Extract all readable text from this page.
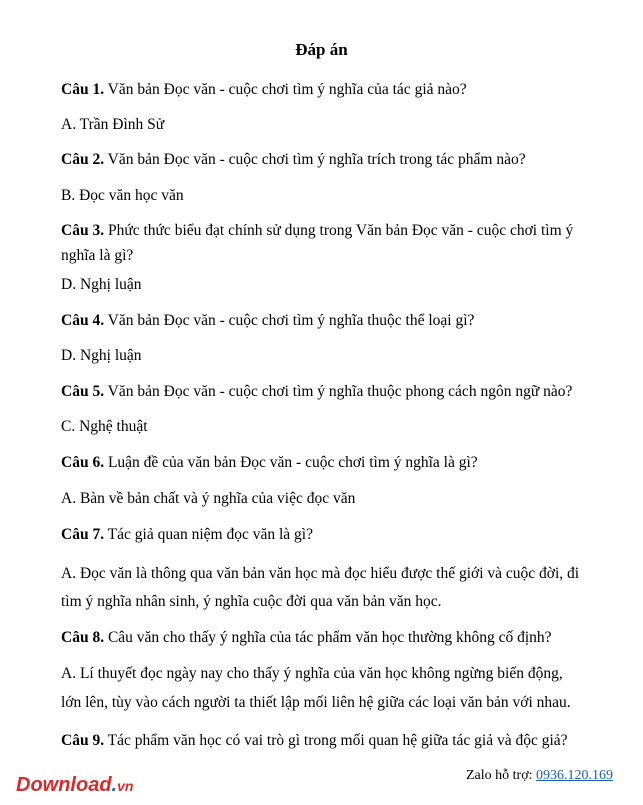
Đáp án
Câu 1. Văn bản Đọc văn - cuộc chơi tìm ý nghĩa của tác giả nào?
A. Trần Đình Sử
Câu 2. Văn bản Đọc văn - cuộc chơi tìm ý nghĩa trích trong tác phẩm nào?
B. Đọc văn học văn
Câu 3. Phức thức biểu đạt chính sử dụng trong Văn bản Đọc văn - cuộc chơi tìm ý
nghĩa là gì?
D. Nghị luận
Câu 4. Văn bản Đọc văn - cuộc chơi tìm ý nghĩa thuộc thể loại gì?
D. Nghị luận
Câu 5. Văn bản Đọc văn - cuộc chơi tìm ý nghĩa thuộc phong cách ngôn ngữ nào?
C. Nghệ thuật
Câu 6. Luận đề của văn bản Đọc văn - cuộc chơi tìm ý nghĩa là gì?
A. Bàn về bản chất và ý nghĩa của việc đọc văn
Câu 7. Tác giả quan niệm đọc văn là gì?
A. Đọc văn là thông qua văn bản văn học mà đọc hiểu được thế giới và cuộc đời, đi
tìm ý nghĩa nhân sinh, ý nghĩa cuộc đời qua văn bản văn học.
Câu 8. Câu văn cho thấy ý nghĩa của tác phẩm văn học thường không cố định?
A. Lí thuyết đọc ngày nay cho thấy ý nghĩa của văn học không ngừng biến động,
lớn lên, tùy vào cách người ta thiết lập mối liên hệ giữa các loại văn bản với nhau.
Câu 9. Tác phẩm văn học có vai trò gì trong mối quan hệ giữa tác giả và độc giả?
Download.vn
Zalo hỗ trợ: 0936.120.169
